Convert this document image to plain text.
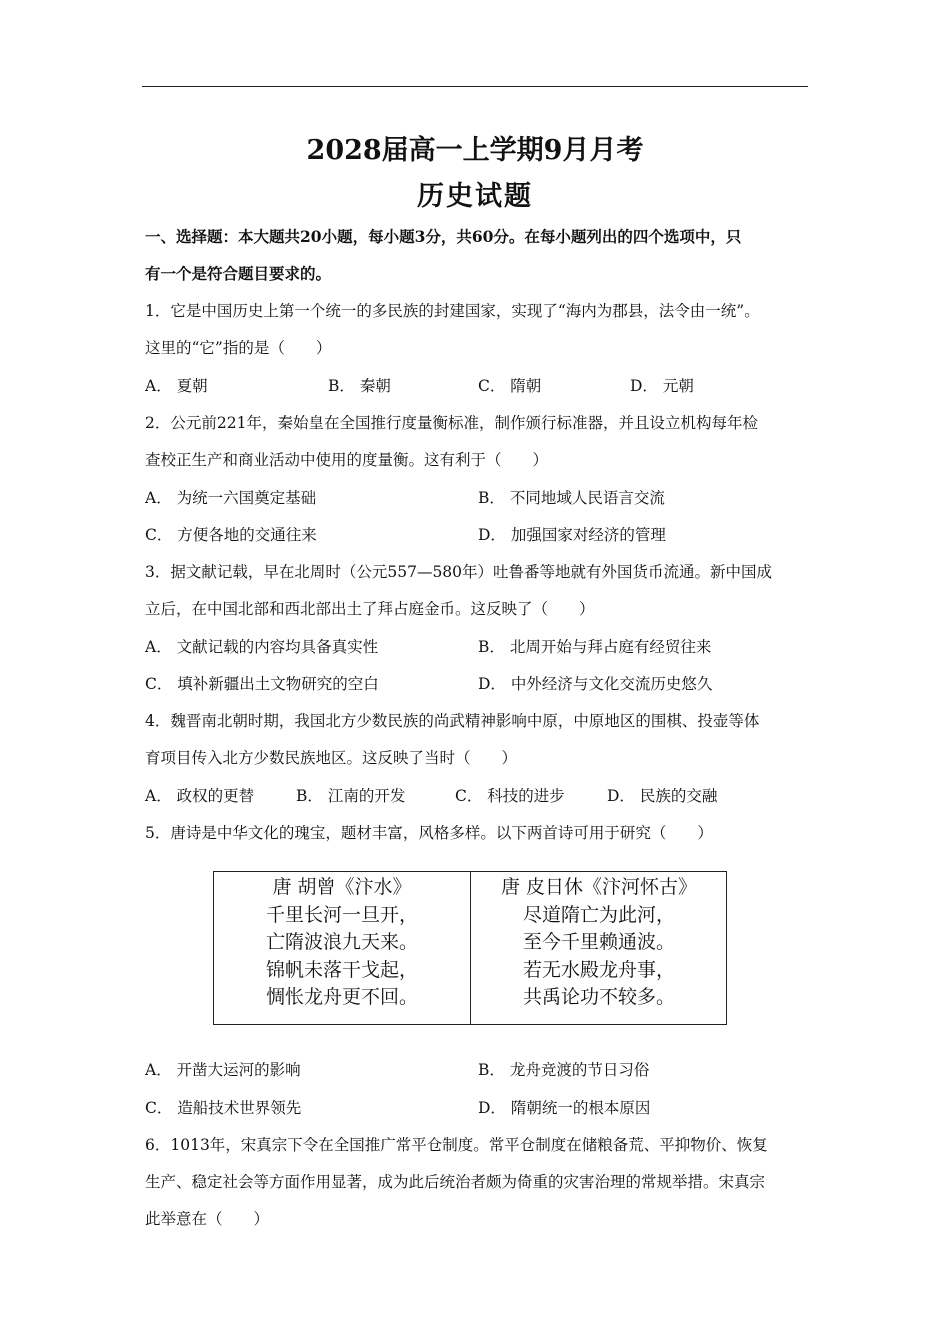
2028届高一上学期9月月考
历史试题
一、选择题：本大题共20小题，每小题3分，共60分。在每小题列出的四个选项中，只
有一个是符合题目要求的。
1．它是中国历史上第一个统一的多民族的封建国家，实现了“海内为郡县，法令由一统”。
这里的“它”指的是（　　）
A． 夏朝	B． 秦朝	C． 隋朝	D． 元朝
2．公元前221年，秦始皇在全国推行度量衡标准，制作颁行标准器，并且设立机构每年检
查校正生产和商业活动中使用的度量衡。这有利于（　　）
A． 为统一六国奠定基础	B． 不同地域人民语言交流
C． 方便各地的交通往来	D． 加强国家对经济的管理
3．据文献记载，早在北周时（公元557—580年）吐鲁番等地就有外国货币流通。新中国成
立后，在中国北部和西北部出土了拜占庭金币。这反映了（　　）
A． 文献记载的内容均具备真实性	B． 北周开始与拜占庭有经贸往来
C． 填补新疆出土文物研究的空白	D． 中外经济与文化交流历史悠久
4．魏晋南北朝时期，我国北方少数民族的尚武精神影响中原，中原地区的围棋、投壶等体
育项目传入北方少数民族地区。这反映了当时（　　）
A． 政权的更替	B． 江南的开发	C． 科技的进步	D． 民族的交融
5．唐诗是中华文化的瑰宝，题材丰富，风格多样。以下两首诗可用于研究（　　）
唐 胡曾《汴水》
千里长河一旦开，
亡隋波浪九天来。
锦帆未落干戈起，
惆怅龙舟更不回。
唐 皮日休《汴河怀古》
尽道隋亡为此河，
至今千里赖通波。
若无水殿龙舟事，
共禹论功不较多。
A． 开凿大运河的影响	B． 龙舟竞渡的节日习俗
C． 造船技术世界领先	D． 隋朝统一的根本原因
6．1013年，宋真宗下令在全国推广常平仓制度。常平仓制度在储粮备荒、平抑物价、恢复
生产、稳定社会等方面作用显著，成为此后统治者颇为倚重的灾害治理的常规举措。宋真宗
此举意在（　　）
